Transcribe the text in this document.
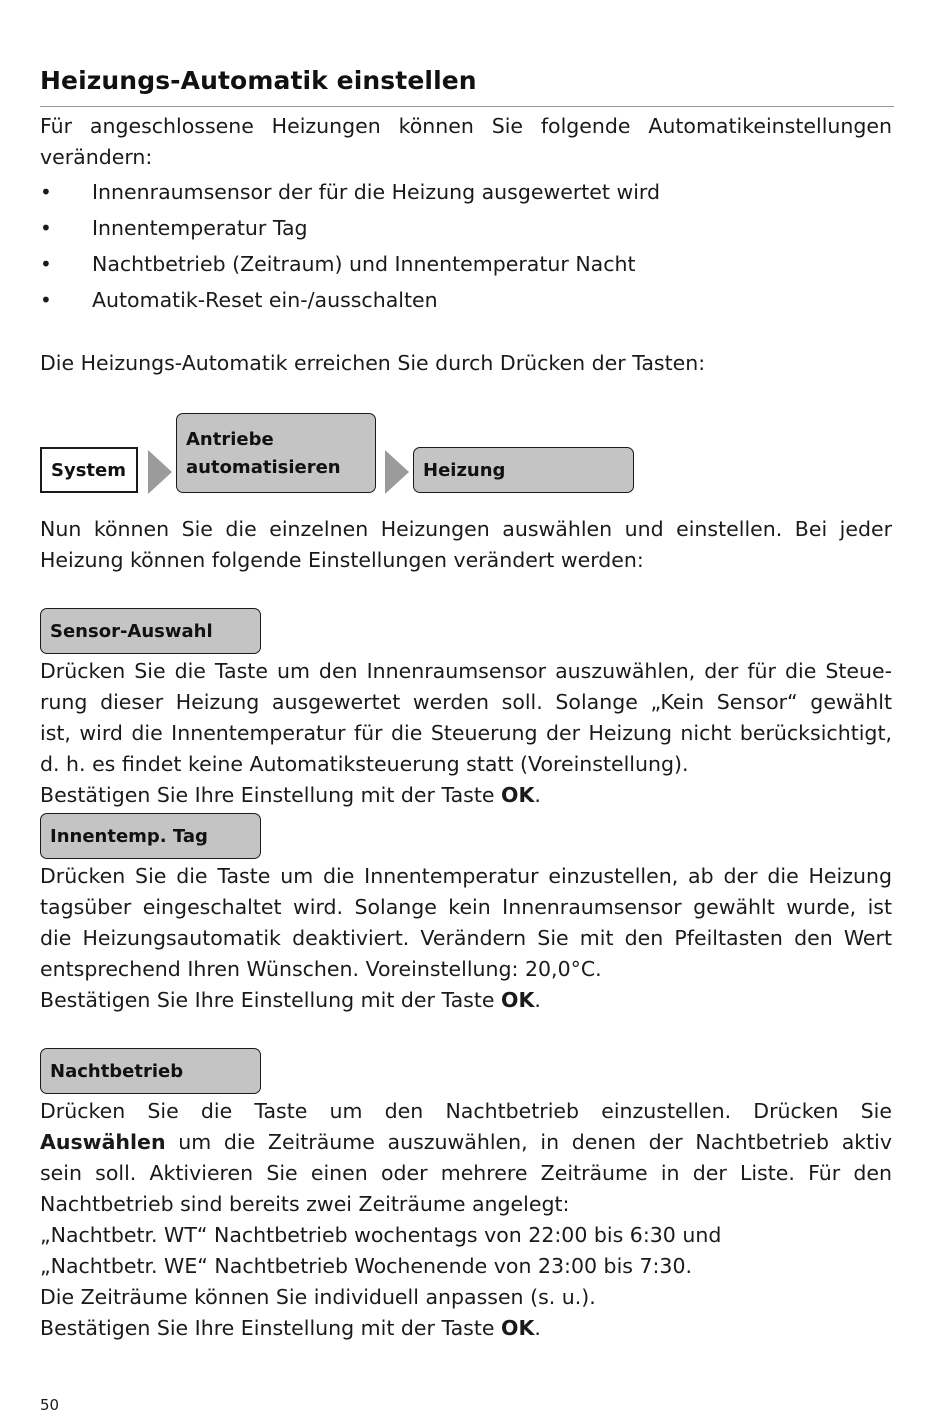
Heizungs-Automatik einstellen

Für angeschlossene Heizungen können Sie folgende Automatikeinstellungen
verändern:

• Innenraumsensor der für die Heizung ausgewertet wird
• Innentemperatur Tag
• Nachtbetrieb (Zeitraum) und Innentemperatur Nacht
• Automatik-Reset ein-/ausschalten

Die Heizungs-Automatik erreichen Sie durch Drücken der Tasten:

System
Antriebe
automatisieren	Heizung

Nun können Sie die einzelnen Heizungen auswählen und einstellen. Bei jeder
Heizung können folgende Einstellungen verändert werden:

Sensor-Auswahl

Drücken Sie die Taste um den Innenraumsensor auszuwählen, der für die Steue-
rung dieser Heizung ausgewertet werden soll. Solange „Kein Sensor“ gewählt
ist, wird die Innentemperatur für die Steuerung der Heizung nicht berücksichtigt,
d. h. es findet keine Automatiksteuerung statt (Voreinstellung).
Bestätigen Sie Ihre Einstellung mit der Taste OK.

Innentemp. Tag

Drücken Sie die Taste um die Innentemperatur einzustellen, ab der die Heizung
tagsüber eingeschaltet wird. Solange kein Innenraumsensor gewählt wurde, ist
die Heizungsautomatik deaktiviert. Verändern Sie mit den Pfeiltasten den Wert
entsprechend Ihren Wünschen. Voreinstellung: 20,0°C.
Bestätigen Sie Ihre Einstellung mit der Taste OK.

Nachtbetrieb

Drücken Sie die Taste um den Nachtbetrieb einzustellen. Drücken Sie
Auswählen um die Zeiträume auszuwählen, in denen der Nachtbetrieb aktiv
sein soll. Aktivieren Sie einen oder mehrere Zeiträume in der Liste. Für den
Nachtbetrieb sind bereits zwei Zeiträume angelegt:
„Nachtbetr. WT“ Nachtbetrieb wochentags von 22:00 bis 6:30 und
„Nachtbetr. WE“ Nachtbetrieb Wochenende von 23:00 bis 7:30.
Die Zeiträume können Sie individuell anpassen (s. u.).
Bestätigen Sie Ihre Einstellung mit der Taste OK.

50
